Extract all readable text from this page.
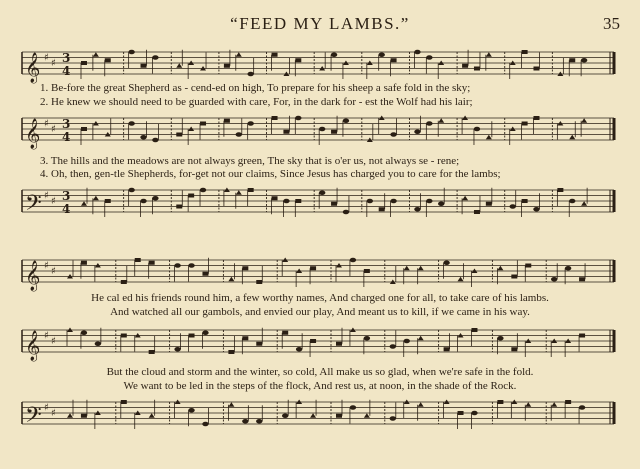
“FEED MY LAMBS.”	35
𝄞 ♯ ♯ 3
4
1. Be-fore the great Shepherd as - cend-ed on high, To prepare for his sheep a safe fold in the sky;
2. He knew we should need to be guarded with care, For, in the dark for - est the Wolf had his lair;
𝄞 ♯ ♯ 3
4
3. The hills and the meadows are not always green, The sky that is o'er us, not always se - rene;
4. Oh, then, gen-tle Shepherds, for-get not our claims, Since Jesus has charged you to care for the lambs;
𝄢 ♯ ♯ 3
4
𝄞 ♯ ♯
He cal ed his friends round him, a few worthy names, And charged one for all, to take care of his lambs.
And watched all our gambols, and envied our play, And meant us to kill, if we came in his way.
𝄞 ♯ ♯
But the cloud and storm and the winter, so cold, All make us so glad, when we're safe in the fold.
We want to be led in the steps of the flock, And rest us, at noon, in the shade of the Rock.
𝄢 ♯ ♯
